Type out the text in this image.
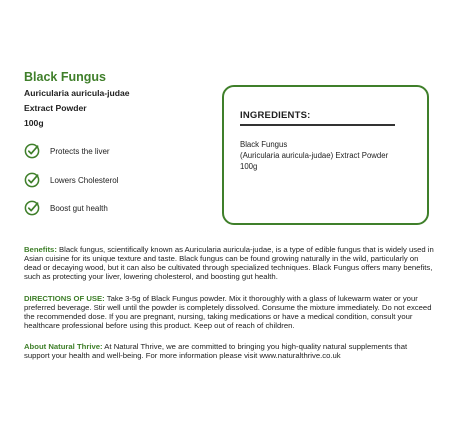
Black Fungus
Auricularia auricula-judae
Extract Powder
100g
Protects the liver
Lowers Cholesterol
Boost gut health
INGREDIENTS:
Black Fungus
(Auricularia auricula-judae) Extract Powder
100g
Benefits: Black fungus, scientifically known as Auricularia auricula-judae, is a type of edible fungus that is widely used in Asian cuisine for its unique texture and taste. Black fungus can be found growing naturally in the wild, particularly on dead or decaying wood, but it can also be cultivated through specialized techniques. Black Fungus offers many benefits, such as protecting your liver, lowering cholesterol, and boosting gut health.
DIRECTIONS OF USE: Take 3-5g of Black Fungus powder. Mix it thoroughly with a glass of lukewarm water or your preferred beverage. Stir well until the powder is completely dissolved. Consume the mixture immediately. Do not exceed the recommended dose. If you are pregnant, nursing, taking medications or have a medical condition, consult your healthcare professional before using this product. Keep out of reach of children.
About Natural Thrive: At Natural Thrive, we are committed to bringing you high-quality natural supplements that support your health and well-being. For more information please visit www.naturalthrive.co.uk
